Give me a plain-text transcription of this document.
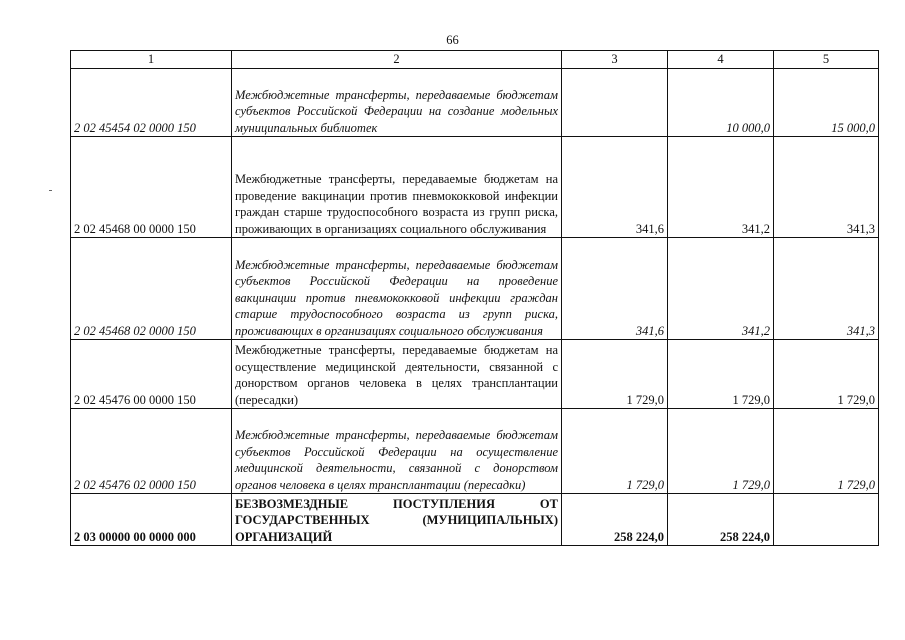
66
1	2	3	4	5
2 02 45454 02 0000 150	Межбюджетные трансферты, передаваемые бюджетам субъектов Российской Федерации на создание модельных муниципальных библиотек		10 000,0	15 000,0
2 02 45468 00 0000 150	Межбюджетные трансферты, передаваемые бюджетам на проведение вакцинации против пневмококковой инфекции граждан старше трудоспособного возраста из групп риска, проживающих в организациях социального обслуживания	341,6	341,2	341,3
2 02 45468 02 0000 150	Межбюджетные трансферты, передаваемые бюджетам субъектов Российской Федерации на проведение вакцинации против пневмококковой инфекции граждан старше трудоспособного возраста из групп риска, проживающих в организациях социального обслуживания	341,6	341,2	341,3
2 02 45476 00 0000 150	Межбюджетные трансферты, передаваемые бюджетам на осуществление медицинской деятельности, связанной с донорством органов человека в целях трансплантации (пересадки)	1 729,0	1 729,0	1 729,0
2 02 45476 02 0000 150	Межбюджетные трансферты, передаваемые бюджетам субъектов Российской Федерации на осуществление медицинской деятельности, связанной с донорством органов человека в целях трансплантации (пересадки)	1 729,0	1 729,0	1 729,0
2 03 00000 00 0000 000	БЕЗВОЗМЕЗДНЫЕ ПОСТУПЛЕНИЯ ОТ ГОСУДАРСТВЕННЫХ (МУНИЦИПАЛЬНЫХ) ОРГАНИЗАЦИЙ	258 224,0	258 224,0	
